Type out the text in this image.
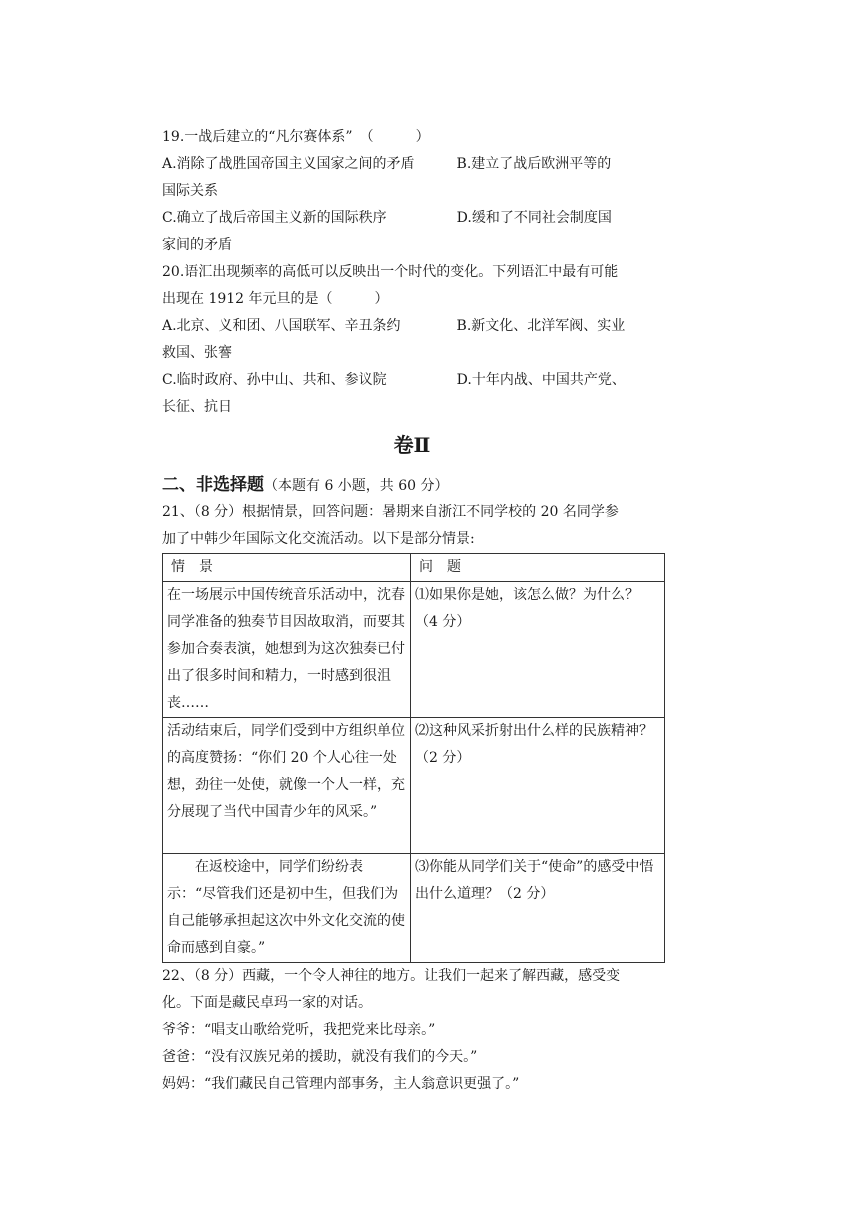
19.一战后建立的“凡尔赛体系”　（　　　）
A.消除了战胜国帝国主义国家之间的矛盾　　　B.建立了战后欧洲平等的
国际关系
C.确立了战后帝国主义新的国际秩序　　　　　D.缓和了不同社会制度国
家间的矛盾
20.语汇出现频率的高低可以反映出一个时代的变化。下列语汇中最有可能
出现在 1912 年元旦的是（　　　）
A.北京、义和团、八国联军、辛丑条约　　　　B.新文化、北洋军阀、实业
救国、张謇
C.临时政府、孙中山、共和、参议院　　　　　D.十年内战、中国共产党、
长征、抗日
卷Ⅱ
二、非选择题（本题有 6 小题，共 60 分）
21、（8 分）根据情景，回答问题：暑期来自浙江不同学校的 20 名同学参
加了中韩少年国际文化交流活动。以下是部分情景:
情　景	问　题
在一场展示中国传统音乐活动中，沈春同学准备的独奏节目因故取消，而要其参加合奏表演，她想到为这次独奏已付出了很多时间和精力，一时感到很沮丧……	⑴如果你是她，该怎么做？为什么？（4 分）
活动结束后，同学们受到中方组织单位的高度赞扬：“你们 20 个人心往一处想，劲往一处使，就像一个人一样，充分展现了当代中国青少年的风采。”	⑵这种风采折射出什么样的民族精神？（2 分）
在返校途中，同学们纷纷表示：“尽管我们还是初中生，但我们为自己能够承担起这次中外文化交流的使命而感到自豪。”	⑶你能从同学们关于“使命”的感受中悟出什么道理？（2 分）
22、（8 分）西藏，一个令人神往的地方。让我们一起来了解西藏，感受变
化。下面是藏民卓玛一家的对话。
爷爷：“唱支山歌给党听，我把党来比母亲。”
爸爸：“没有汉族兄弟的援助，就没有我们的今天。”
妈妈：“我们藏民自己管理内部事务，主人翁意识更强了。”
